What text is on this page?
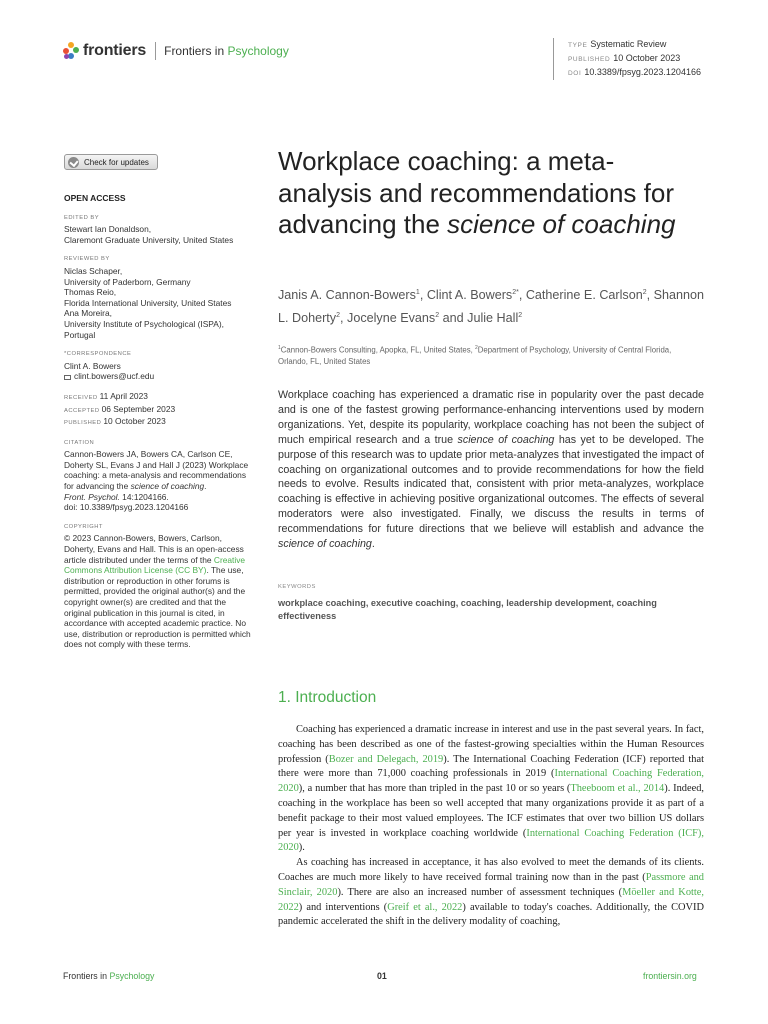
frontiers Frontiers in Psychology	TYPE Systematic Review
PUBLISHED 10 October 2023
DOI 10.3389/fpsyg.2023.1204166
Check for updates
OPEN ACCESS
EDITED BY
Stewart Ian Donaldson,
Claremont Graduate University, United States
REVIEWED BY
Niclas Schaper,
University of Paderborn, Germany
Thomas Reio,
Florida International University, United States
Ana Moreira,
University Institute of Psychological (ISPA),
Portugal
*CORRESPONDENCE
Clint A. Bowers
clint.bowers@ucf.edu
RECEIVED 11 April 2023
ACCEPTED 06 September 2023
PUBLISHED 10 October 2023
CITATION
Cannon-Bowers JA, Bowers CA, Carlson CE, Doherty SL, Evans J and Hall J (2023) Workplace coaching: a meta-analysis and recommendations for advancing the science of coaching.
Front. Psychol. 14:1204166.
doi: 10.3389/fpsyg.2023.1204166
COPYRIGHT
© 2023 Cannon-Bowers, Bowers, Carlson, Doherty, Evans and Hall. This is an open-access article distributed under the terms of the Creative Commons Attribution License (CC BY). The use, distribution or reproduction in other forums is permitted, provided the original author(s) and the copyright owner(s) are credited and that the original publication in this journal is cited, in accordance with accepted academic practice. No use, distribution or reproduction is permitted which does not comply with these terms.
Workplace coaching: a meta-analysis and recommendations for advancing the science of coaching
Janis A. Cannon-Bowers$^1$, Clint A. Bowers$^{2*}$, Catherine E. Carlson$^2$, Shannon L. Doherty$^2$, Jocelyne Evans$^2$ and Julie Hall$^2$
$^1$Cannon-Bowers Consulting, Apopka, FL, United States, $^2$Department of Psychology, University of Central Florida, Orlando, FL, United States
Workplace coaching has experienced a dramatic rise in popularity over the past decade and is one of the fastest growing performance-enhancing interventions used by modern organizations. Yet, despite its popularity, workplace coaching has not been the subject of much empirical research and a true science of coaching has yet to be developed. The purpose of this research was to update prior meta-analyzes that investigated the impact of coaching on organizational outcomes and to provide recommendations for how the field needs to evolve. Results indicated that, consistent with prior meta-analyzes, workplace coaching is effective in achieving positive organizational outcomes. The effects of several moderators were also investigated. Finally, we discuss the results in terms of recommendations for future directions that we believe will establish and advance the science of coaching.
KEYWORDS
workplace coaching, executive coaching, coaching, leadership development, coaching effectiveness
1. Introduction

Coaching has experienced a dramatic increase in interest and use in the past several years. In fact, coaching has been described as one of the fastest-growing specialties within the Human Resources profession (Bozer and Delegach, 2019). The International Coaching Federation (ICF) reported that there were more than 71,000 coaching professionals in 2019 (International Coaching Federation, 2020), a number that has more than tripled in the past 10 or so years (Theeboom et al., 2014). Indeed, coaching in the workplace has been so well accepted that many organizations provide it as part of a benefit package to their most valued employees. The ICF estimates that over two billion US dollars per year is invested in workplace coaching worldwide (International Coaching Federation (ICF), 2020).

As coaching has increased in acceptance, it has also evolved to meet the demands of its clients. Coaches are much more likely to have received formal training now than in the past (Passmore and Sinclair, 2020). There are also an increased number of assessment techniques (Möeller and Kotte, 2022) and interventions (Greif et al., 2022) available to today's coaches. Additionally, the COVID pandemic accelerated the shift in the delivery modality of coaching,

Frontiers in Psychology	01	frontiersin.org
